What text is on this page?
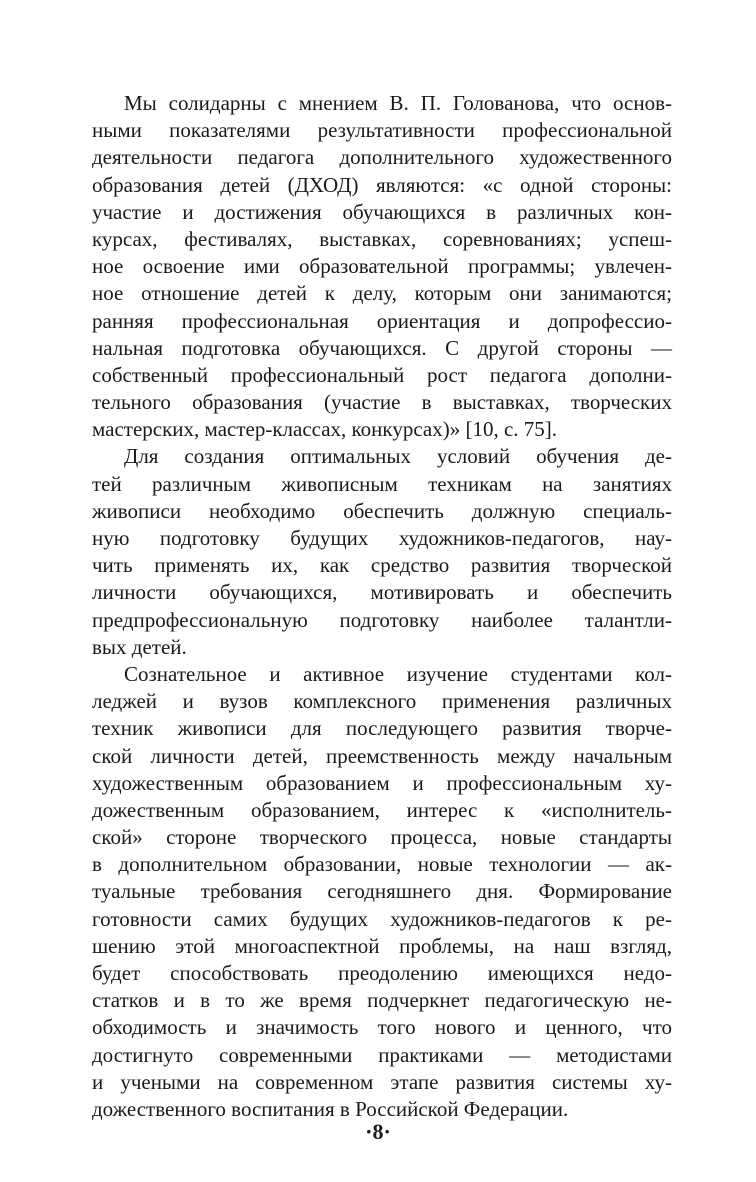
Мы солидарны с мнением В. П. Голованова, что основ-
ными показателями результативности профессиональной
деятельности педагога дополнительного художественного
образования детей (ДХОД) являются: «с одной стороны:
участие и достижения обучающихся в различных кон-
курсах, фестивалях, выставках, соревнованиях; успеш-
ное освоение ими образовательной программы; увлечен-
ное отношение детей к делу, которым они занимаются;
ранняя профессиональная ориентация и допрофессио-
нальная подготовка обучающихся. С другой стороны —
собственный профессиональный рост педагога дополни-
тельного образования (участие в выставках, творческих
мастерских, мастер-классах, конкурсах)» [10, с. 75].
Для создания оптимальных условий обучения де-
тей различным живописным техникам на занятиях
живописи необходимо обеспечить должную специаль-
ную подготовку будущих художников-педагогов, нау-
чить применять их, как средство развития творческой
личности обучающихся, мотивировать и обеспечить
предпрофессиональную подготовку наиболее талантли-
вых детей.
Сознательное и активное изучение студентами кол-
леджей и вузов комплексного применения различных
техник живописи для последующего развития творче-
ской личности детей, преемственность между начальным
художественным образованием и профессиональным ху-
дожественным образованием, интерес к «исполнитель-
ской» стороне творческого процесса, новые стандарты
в дополнительном образовании, новые технологии — ак-
туальные требования сегодняшнего дня. Формирование
готовности самих будущих художников-педагогов к ре-
шению этой многоаспектной проблемы, на наш взгляд,
будет способствовать преодолению имеющихся недо-
статков и в то же время подчеркнет педагогическую не-
обходимость и значимость того нового и ценного, что
достигнуто современными практиками — методистами
и учеными на современном этапе развития системы ху-
дожественного воспитания в Российской Федерации.
·8·
